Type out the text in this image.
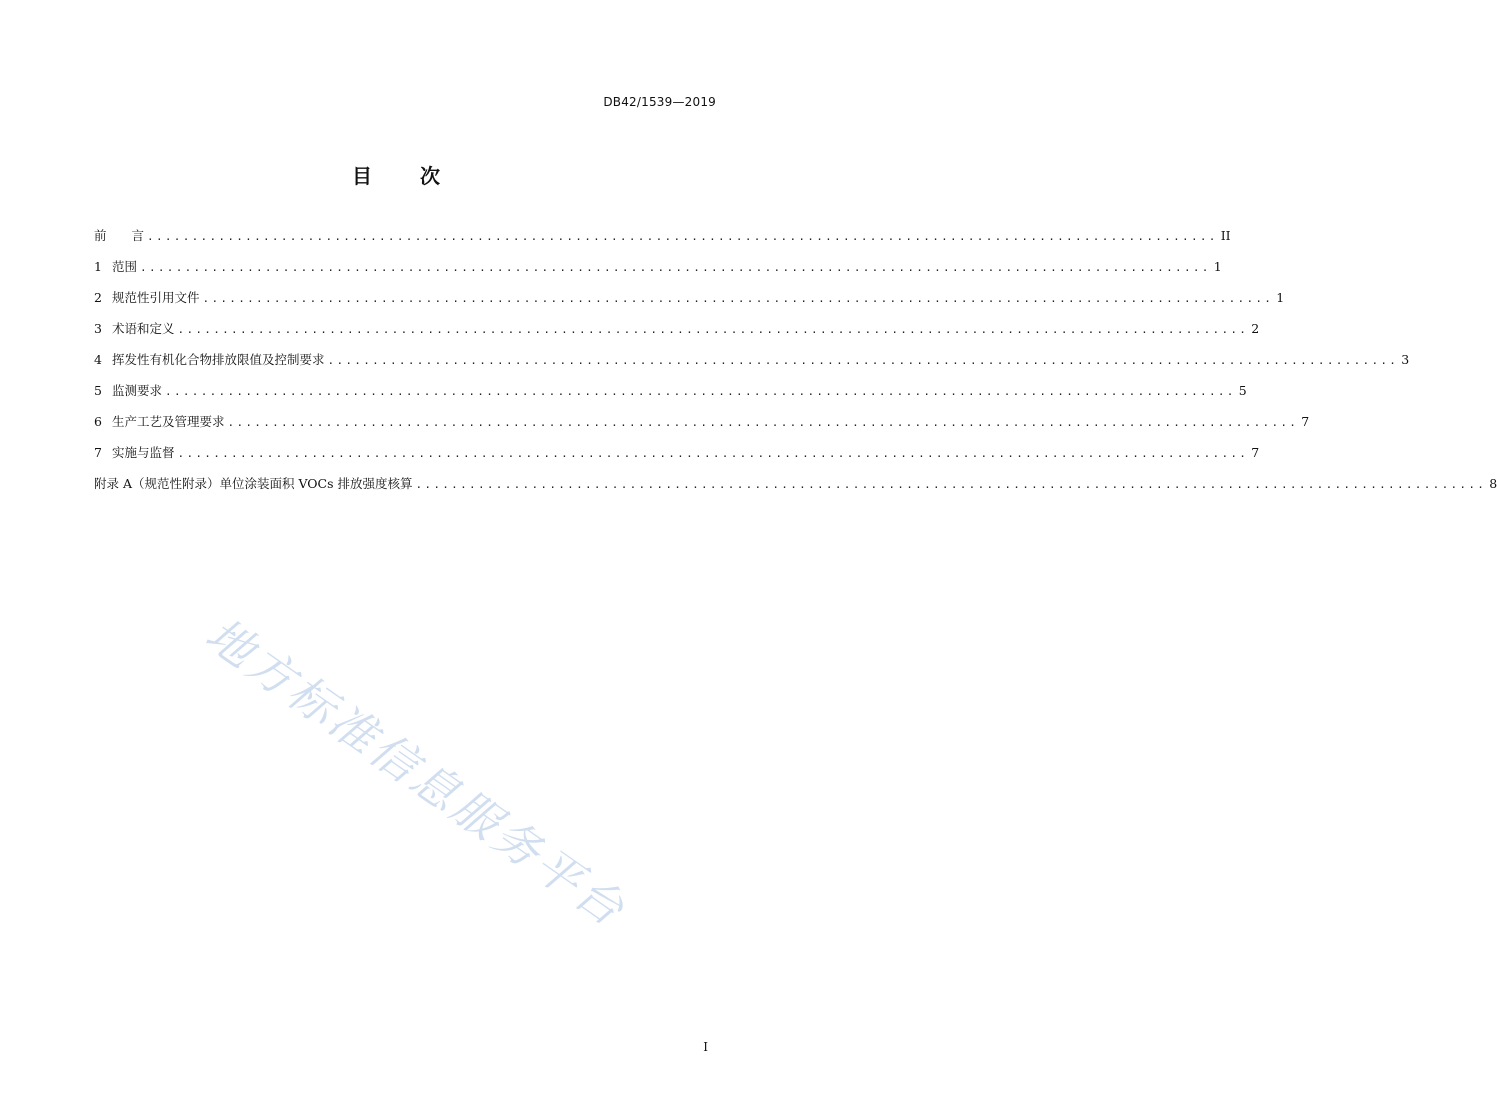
DB42/1539—2019
目 次
前　　言 ........................................................................................................................ II
1 范围 ........................................................................................................................ 1
2 规范性引用文件 ........................................................................................................................ 1
3 术语和定义 ........................................................................................................................ 2
4 挥发性有机化合物排放限值及控制要求 ........................................................................................................................ 3
5 监测要求 ........................................................................................................................ 5
6 生产工艺及管理要求 ........................................................................................................................ 7
7 实施与监督 ........................................................................................................................ 7
附录 A（规范性附录）单位涂装面积 VOCs 排放强度核算 ........................................................................................................................ 8
地方标准信息服务平台
I
